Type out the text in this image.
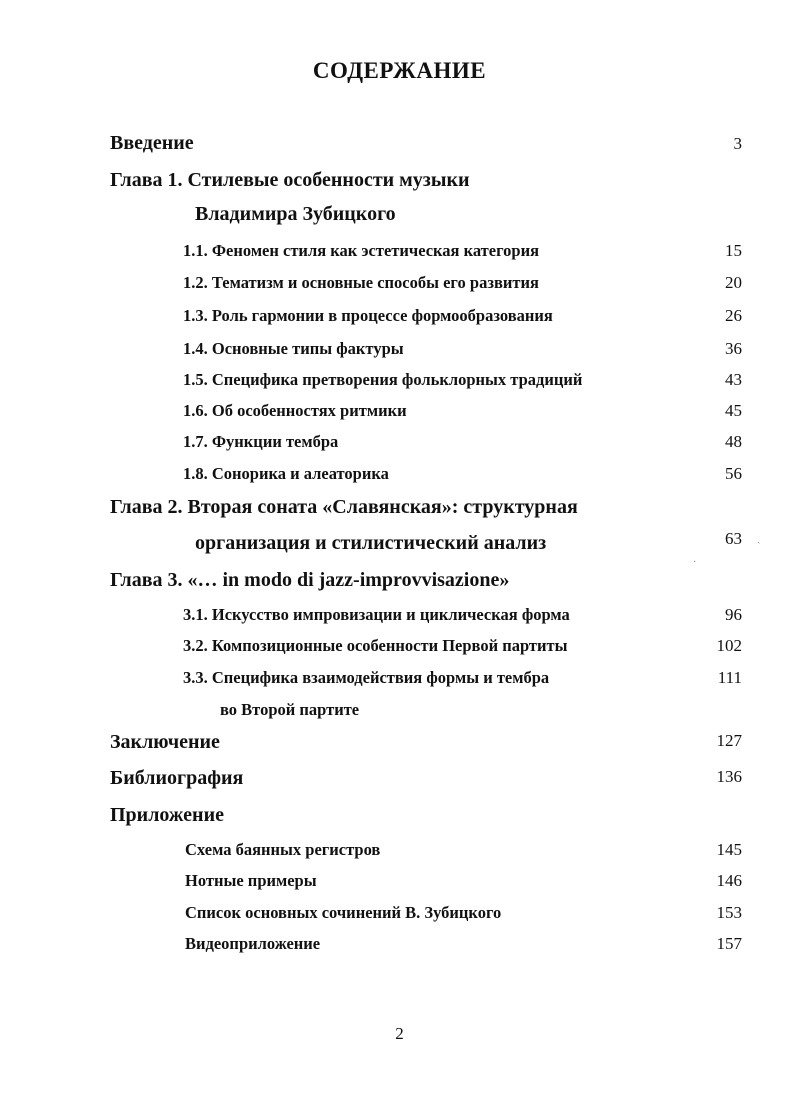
СОДЕРЖАНИЕ
Введение	3
Глава 1. Стилевые особенности музыки
Владимира Зубицкого
1.1. Феномен стиля как эстетическая категория	15
1.2. Тематизм и основные способы его развития	20
1.3. Роль гармонии в процессе формообразования	26
1.4. Основные типы фактуры	36
1.5. Специфика претворения фольклорных традиций	43
1.6. Об особенностях ритмики	45
1.7. Функции тембра	48
1.8. Сонорика и алеаторика	56
Глава 2. Вторая соната «Славянская»: структурная
организация и стилистический анализ	63
Глава 3. «… in modo di jazz-improvvisazione»
3.1. Искусство импровизации и циклическая форма	96
3.2. Композиционные особенности Первой партиты	102
3.3. Специфика взаимодействия формы и тембра	111
во Второй партите
Заключение	127
Библиография	136
Приложение
Схема баянных регистров	145
Нотные примеры	146
Список основных сочинений В. Зубицкого	153
Видеоприложение	157
ˏ
·
2
